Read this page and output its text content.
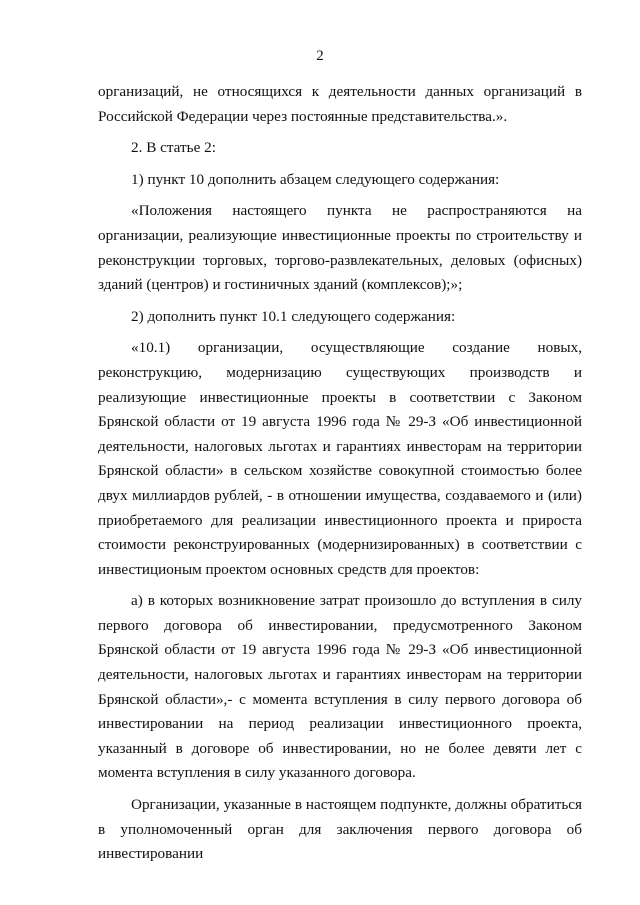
2

организаций, не относящихся к деятельности данных организаций в Российской Федерации через постоянные представительства.».

2. В статье 2:

1) пункт 10 дополнить абзацем следующего содержания:

«Положения настоящего пункта не распространяются на организации, реализующие инвестиционные проекты по строительству и реконструкции торговых, торгово-развлекательных, деловых (офисных) зданий (центров) и гостиничных зданий (комплексов);»;

2) дополнить пункт 10.1 следующего содержания:

«10.1) организации, осуществляющие создание новых, реконструкцию, модернизацию существующих производств и реализующие инвестиционные проекты в соответствии с Законом Брянской области от 19 августа 1996 года № 29-З «Об инвестиционной деятельности, налоговых льготах и гарантиях инвесторам на территории Брянской области» в сельском хозяйстве совокупной стоимостью более двух миллиардов рублей, - в отношении имущества, создаваемого и (или) приобретаемого для реализации инвестиционного проекта и прироста стоимости реконструированных (модернизированных) в соответствии с инвестиционым проектом основных средств для проектов:

а) в которых возникновение затрат произошло до вступления в силу первого договора об инвестировании, предусмотренного Законом Брянской области от 19 августа 1996 года № 29-З «Об инвестиционной деятельности, налоговых льготах и гарантиях инвесторам на территории Брянской области»,- с момента вступления в силу первого договора об инвестировании на период реализации инвестиционного проекта, указанный в договоре об инвестировании, но не более девяти лет с момента вступления в силу указанного договора.

Организации, указанные в настоящем подпункте, должны обратиться в уполномоченный орган для заключения первого договора об инвестировании
